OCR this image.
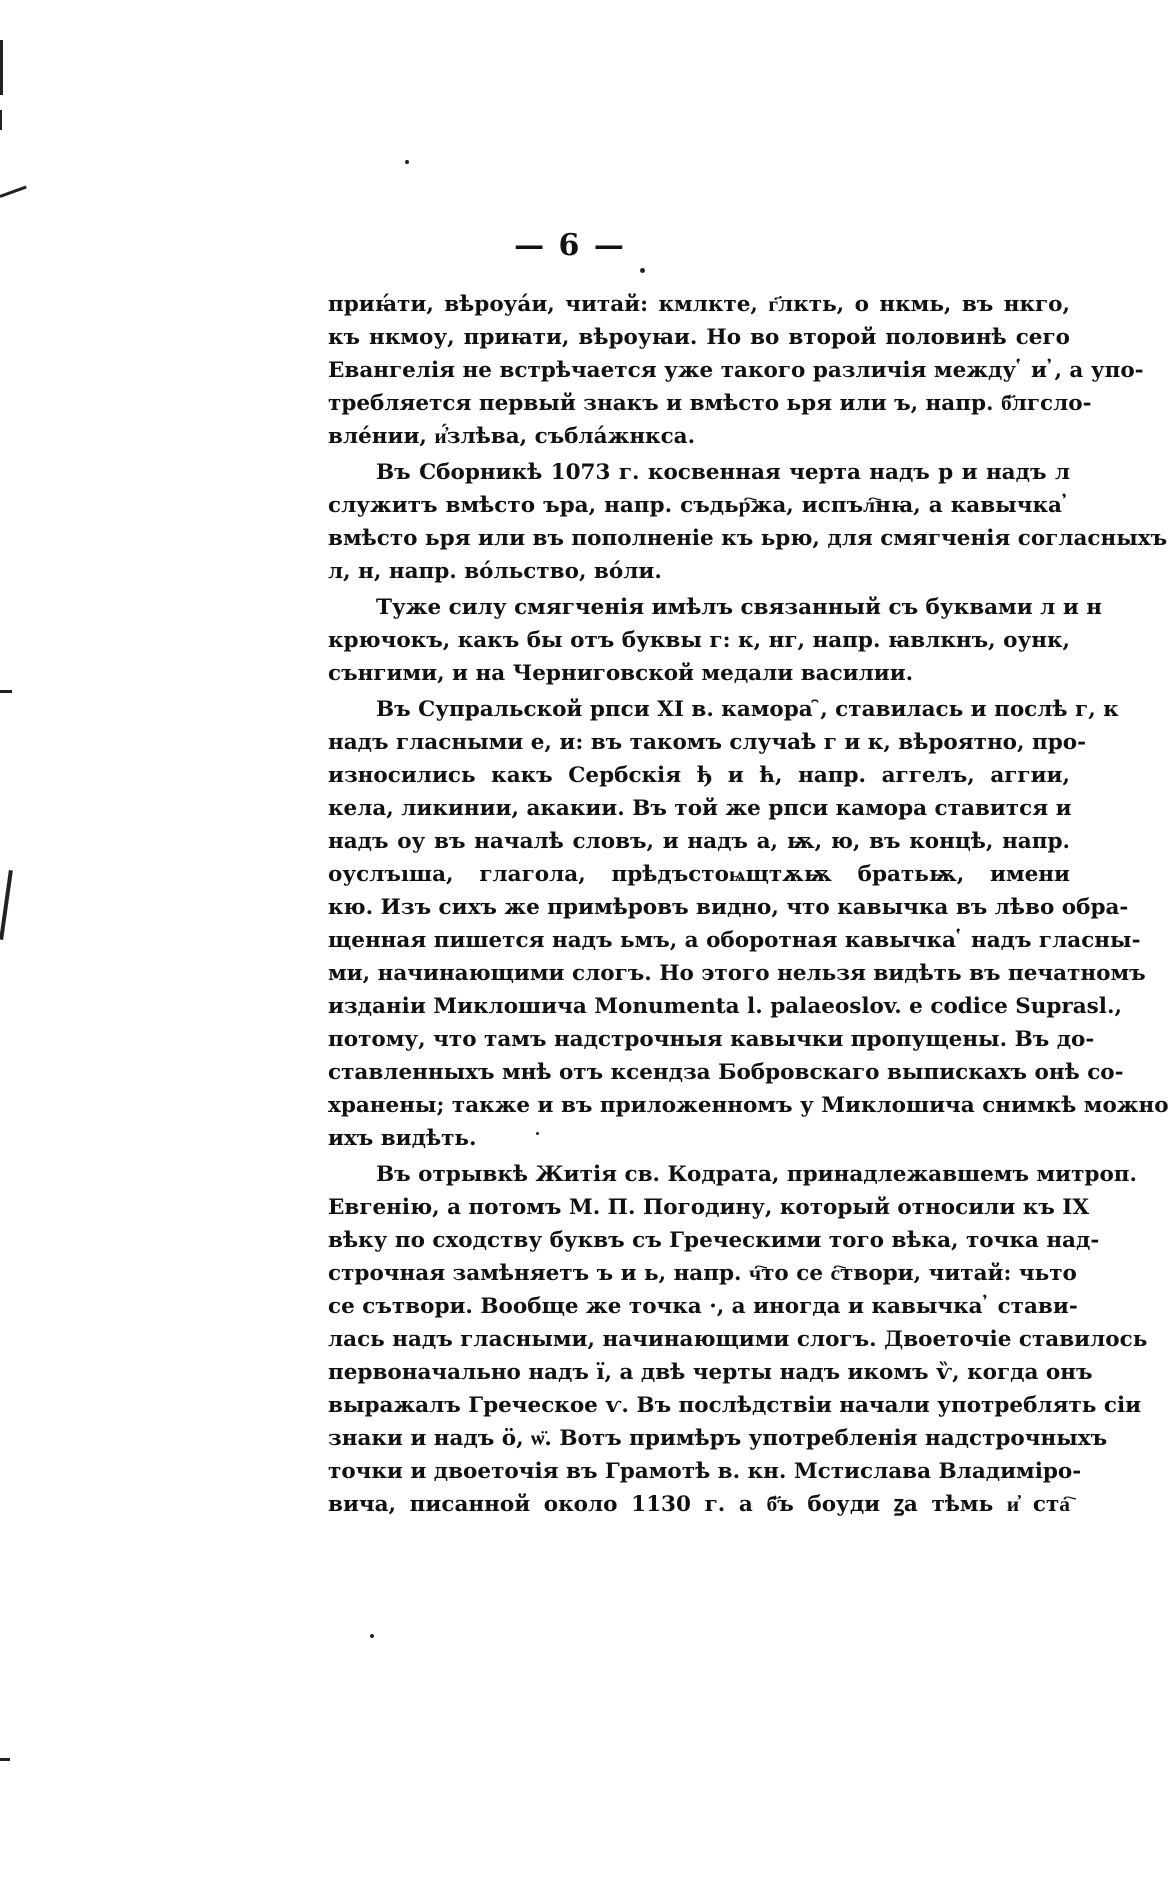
— 6 —

приꙗ́ти, вѣроуа́и, читай: кмлкте, г҃лкть, о нкмь, въ нкго,
къ нкмоу, приꙗти, вѣроуꙗи. Но во второй половинѣ сего
Евангелія не встрѣчается уже такого различія между ̔ и ̓, а упо-
требляется первый знакъ и вмѣсто ьря или ъ, напр. б҃лгсло-
вле́нии, и҆́злѣва, събла́жнкса.

Въ Сборникѣ 1073 г. косвенная черта надъ р и надъ л
служитъ вмѣсто ъра, напр. съдьр҇жа, испъл҇нꙗ, а кавычка ̓
вмѣсто ьря или въ пополненіе къ ьрю, для смягченія согласныхъ
л, н, напр. во́льство, во́ли.

Туже силу смягченія имѣлъ связанный съ буквами л и н
крючокъ, какъ бы отъ буквы г: к, нг, напр. ꙗвлкнъ, оунк,
сънгими, и на Черниговской медали василии.

Въ Супральской рпси XI в. камора ̑, ставилась и послѣ г, к
надъ гласными е, и: въ такомъ случаѣ г и к, вѣроятно, про-
износились какъ Сербскія ђ и ћ, напр. аггелъ, аггии,
кела, ликинии, акакии. Въ той же рпси камора ставится и
надъ оу въ началѣ словъ, и надъ а, ѭ, ю, въ концѣ, напр.
оуслъıша, глагола, прѣдъстоѩщтѫѭ братьѭ, имени
кю. Изъ сихъ же примѣровъ видно, что кавычка въ лѣво обра-
щенная пишется надъ ьмъ, а оборотная кавычка ̔ надъ гласны-
ми, начинающими слогъ. Но этого нельзя видѣть въ печатномъ
изданіи Миклошича Monumenta l. palaeoslov. e codice Suprasl.,
потому, что тамъ надстрочныя кавычки пропущены. Въ до-
ставленныхъ мнѣ отъ ксендза Бобровскаго выпискахъ онѣ со-
хранены; также и въ приложенномъ у Миклошича снимкѣ можно
ихъ видѣть.

Въ отрывкѣ Житія св. Кодрата, принадлежавшемъ митроп.
Евгенію, а потомъ М. П. Погодину, который относили къ IX
вѣку по сходству буквъ съ Греческими того вѣка, точка над-
строчная замѣняетъ ъ и ь, напр. ч҇то се с҇твори, читай: чьто
се сътвори. Вообще же точка ·, а иногда и кавычка ̓ стави-
лась надъ гласными, начинающими слогъ. Двоеточіе ставилось
первоначально надъ ї, а двѣ черты надъ икомъ ѷ, когда онъ
выражалъ Греческое ѵ. Въ послѣдствіи начали употреблять сіи
знаки и надъ ӧ, ѡ̈. Вотъ примѣръ употребленія надстрочныхъ
точки и двоеточія въ Грамотѣ в. кн. Мстислава Владиміро-
вича, писанной около 1130 г. а б҃ъ боуди ꙁа тѣмь и҆ ста҇
